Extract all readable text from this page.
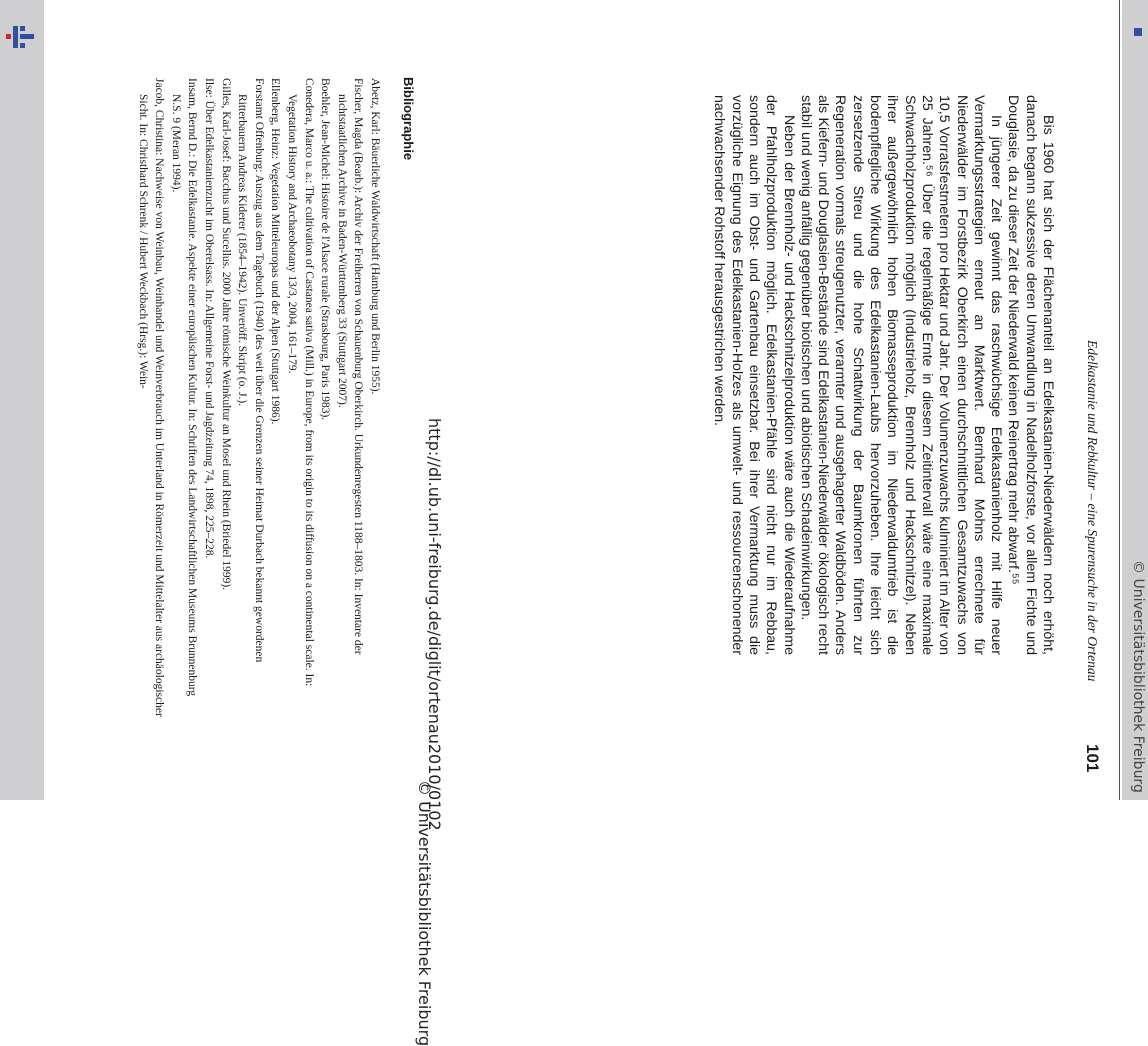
http://dl.ub.uni-freiburg.de/diglit/ortenau2010/0102
© Universitätsbibliothek Freiburg
© Universitätsbibliothek Freiburg
Edelkastanie und Rebkultur – eine Spurensuche in der Ortenau
101

Bis 1960 hat sich der Flächenanteil an Edelkastanien-Niederwäldern noch erhöht, danach begann sukzessive deren Umwandlung in Nadelholzforste, vor allem Fichte und Douglasie, da zu dieser Zeit der Niederwald keinen Reinertrag mehr abwarf.⁵⁵

In jüngerer Zeit gewinnt das raschwüchsige Edelkastanienholz mit Hilfe neuer Vermarktungsstrategien erneut an Marktwert. Bernhard Mohns errechnete für Niederwälder im Forstbezirk Oberkirch einen durchschnittlichen Gesamtzuwachs von 10,5 Vorratsfestmetern pro Hektar und Jahr. Der Volumenzuwachs kulminiert im Alter von 25 Jahren.⁵⁶ Über die regelmäßige Ernte in diesem Zeitintervall wäre eine maximale Schwachholzproduktion möglich (Industrieholz, Brennholz und Hackschnitzel). Neben ihrer außergewöhnlich hohen Biomasseproduktion im Niederwaldumtrieb ist die bodenpflegliche Wirkung des Edelkastanien-Laubs hervorzuheben. Ihre leicht sich zersetzende Streu und die hohe Schattwirkung der Baumkronen führten zur Regeneration vormals streugenutzter, verarmter und ausgehagerter Waldböden. Anders als Kiefern- und Douglasien-Bestände sind Edelkastanien-Niederwälder ökologisch recht stabil und wenig anfällig gegenüber biotischen und abiotischen Schadeinwirkungen.

Neben der Brennholz- und Hackschnitzelproduktion wäre auch die Wiederaufnahme der Pfahlholzproduktion möglich. Edelkastanien-Pfähle sind nicht nur im Rebbau, sondern auch im Obst- und Gartenbau einsetzbar. Bei ihrer Vermarktung muss die vorzügliche Eignung des Edelkastanien-Holzes als umwelt- und ressourcenschonender nachwachsender Rohstoff herausgestrichen werden.

Bibliographie

Abetz, Karl: Bäuerliche Waldwirtschaft (Hamburg und Berlin 1955).

Fischer, Magda (Bearb.): Archiv der Freiherren von Schauenburg Oberkirch. Urkundenregesten 1188–1803. In: Inventare der nichtstaatlichen Archive in Baden-Württemberg 33 (Stuttgart 2007).

Boehler, Jean-Michel: Histoire de l'Alsace rurale (Strasbourg, Paris 1983).

Conedera, Marco u. a.: The cultivation of Castanea sativa (Mill.) in Europe, from its origin to its diffusion on a continental scale. In: Vegetation History and Archaeobotany 13/3, 2004, 161–179.

Ellenberg, Heinz: Vegetation Mitteleuropas und der Alpen (Stuttgart 1986).

Forstamt Offenburg: Auszug aus dem Tagebuch (1940) des weit über die Grenzen seiner Heimat Durbach bekannt gewordenen Ritterbauern Andreas Kiderer (1854–1942). Unveröff. Skript (o. J.).

Gilles, Karl-Josef: Bacchus und Sucellus. 2000 Jahre römische Weinkultur an Mosel und Rhein (Briedel 1999).

Ilse: Über Edelkastanienzucht im Oberelsass. In: Allgemeine Forst- und Jagdzeitung 74, 1898, 225–228.

Insam, Bernd D.: Die Edelkastanie. Aspekte einer europäischen Kultur. In: Schriften des Landwirtschaftlichen Museums Brunnenburg N.S. 9 (Meran 1994).

Jacob, Christina: Nachweise von Weinbau, Weinhandel und Weinverbrauch im Unterland in Römerzeit und Mittelalter aus archäologischer Sicht. In: Christhard Schrenk / Hubert Weckbach (Hrsg.): Wein-
